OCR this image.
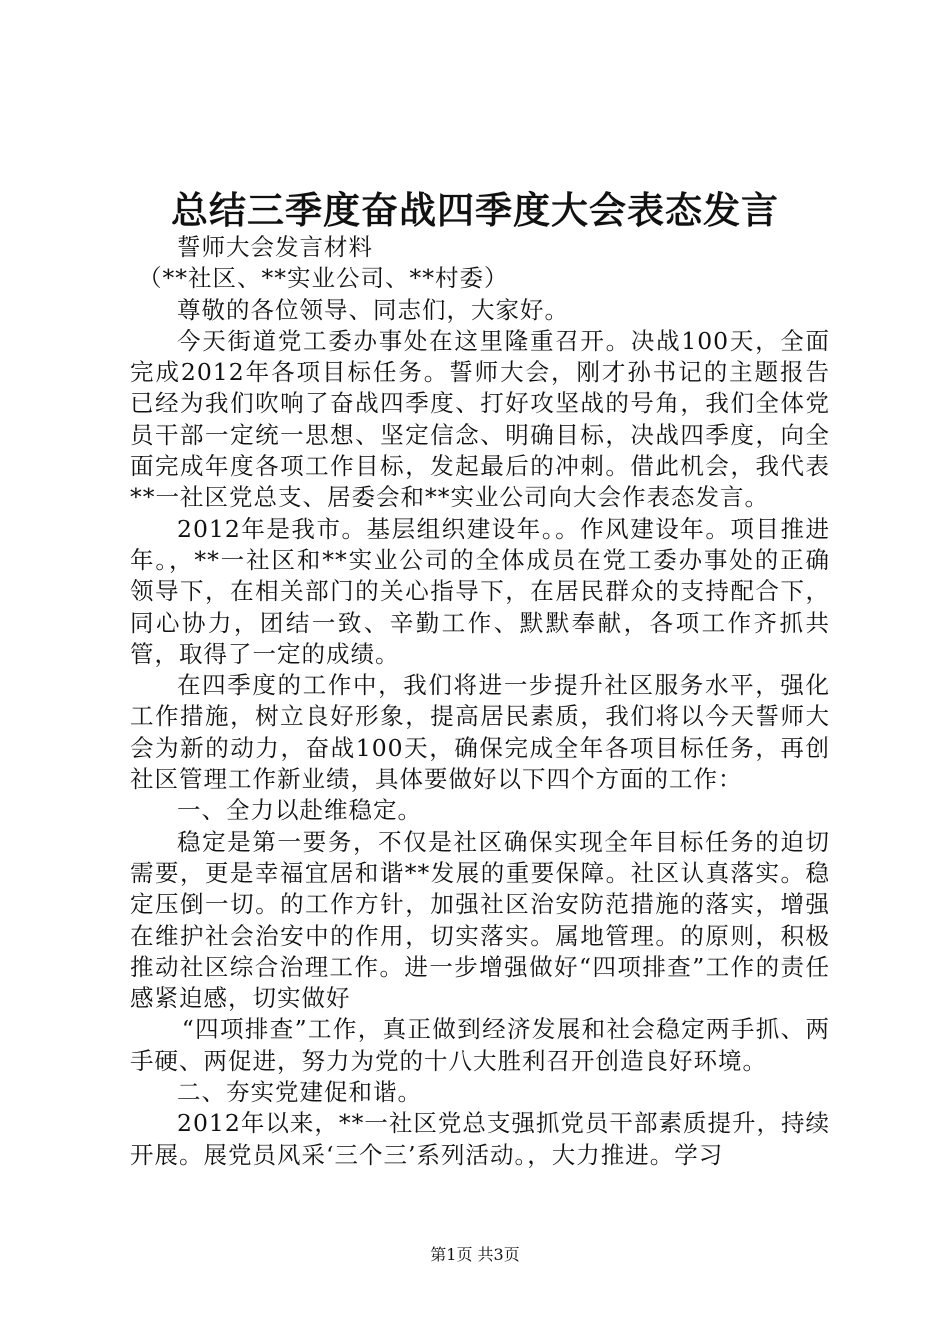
总结三季度奋战四季度大会表态发言

誓师大会发言材料

（**社区、**实业公司、**村委）

尊敬的各位领导、同志们，大家好。

今天街道党工委办事处在这里隆重召开。决战100天，全面完成2012年各项目标任务。誓师大会，刚才孙书记的主题报告已经为我们吹响了奋战四季度、打好攻坚战的号角，我们全体党员干部一定统一思想、坚定信念、明确目标，决战四季度，向全面完成年度各项工作目标，发起最后的冲刺。借此机会，我代表**一社区党总支、居委会和**实业公司向大会作表态发言。

2012年是我市。基层组织建设年。。作风建设年。项目推进年。，**一社区和**实业公司的全体成员在党工委办事处的正确领导下，在相关部门的关心指导下，在居民群众的支持配合下，同心协力，团结一致、辛勤工作、默默奉献，各项工作齐抓共管，取得了一定的成绩。

在四季度的工作中，我们将进一步提升社区服务水平，强化工作措施，树立良好形象，提高居民素质，我们将以今天誓师大会为新的动力，奋战100天，确保完成全年各项目标任务，再创社区管理工作新业绩，具体要做好以下四个方面的工作：

一、全力以赴维稳定。

稳定是第一要务，不仅是社区确保实现全年目标任务的迫切需要，更是幸福宜居和谐**发展的重要保障。社区认真落实。稳定压倒一切。的工作方针，加强社区治安防范措施的落实，增强在维护社会治安中的作用，切实落实。属地管理。的原则，积极推动社区综合治理工作。进一步增强做好“四项排查”工作的责任感紧迫感，切实做好

“四项排查”工作，真正做到经济发展和社会稳定两手抓、两手硬、两促进，努力为党的十八大胜利召开创造良好环境。

二、夯实党建促和谐。

2012年以来，**一社区党总支强抓党员干部素质提升，持续开展。展党员风采‘三个三’系列活动。，大力推进。学习

第1页 共3页
